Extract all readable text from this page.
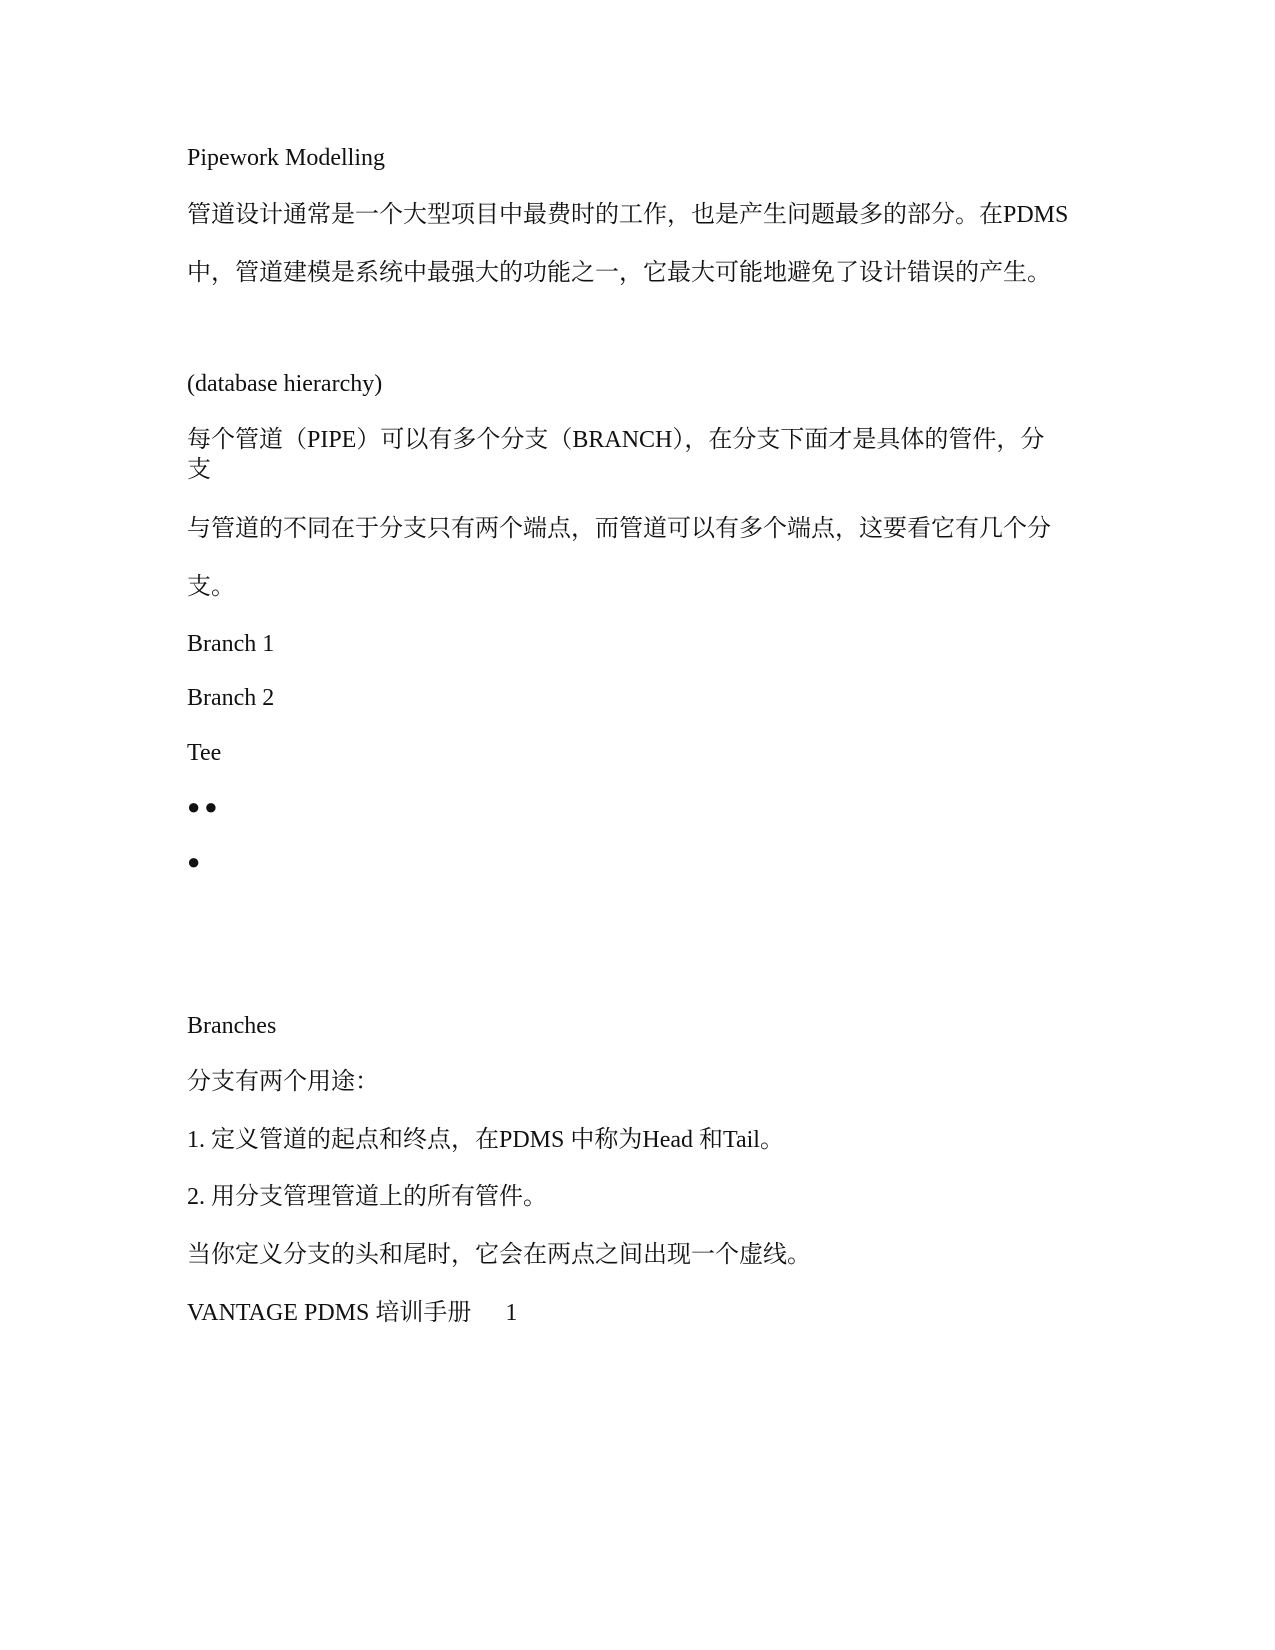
Pipework Modelling
管道设计通常是一个大型项目中最费时的工作，也是产生问题最多的部分。在PDMS
中，管道建模是系统中最强大的功能之一，它最大可能地避免了设计错误的产生。
(database hierarchy)
每个管道（PIPE）可以有多个分支（BRANCH），在分支下面才是具体的管件，分
支
与管道的不同在于分支只有两个端点，而管道可以有多个端点，这要看它有几个分
支。
Branch 1
Branch 2
Tee
●●
●
Branches
分支有两个用途：
1. 定义管道的起点和终点，在PDMS 中称为Head 和Tail。
2. 用分支管理管道上的所有管件。
当你定义分支的头和尾时，它会在两点之间出现一个虚线。
VANTAGE PDMS 培训手册 1
